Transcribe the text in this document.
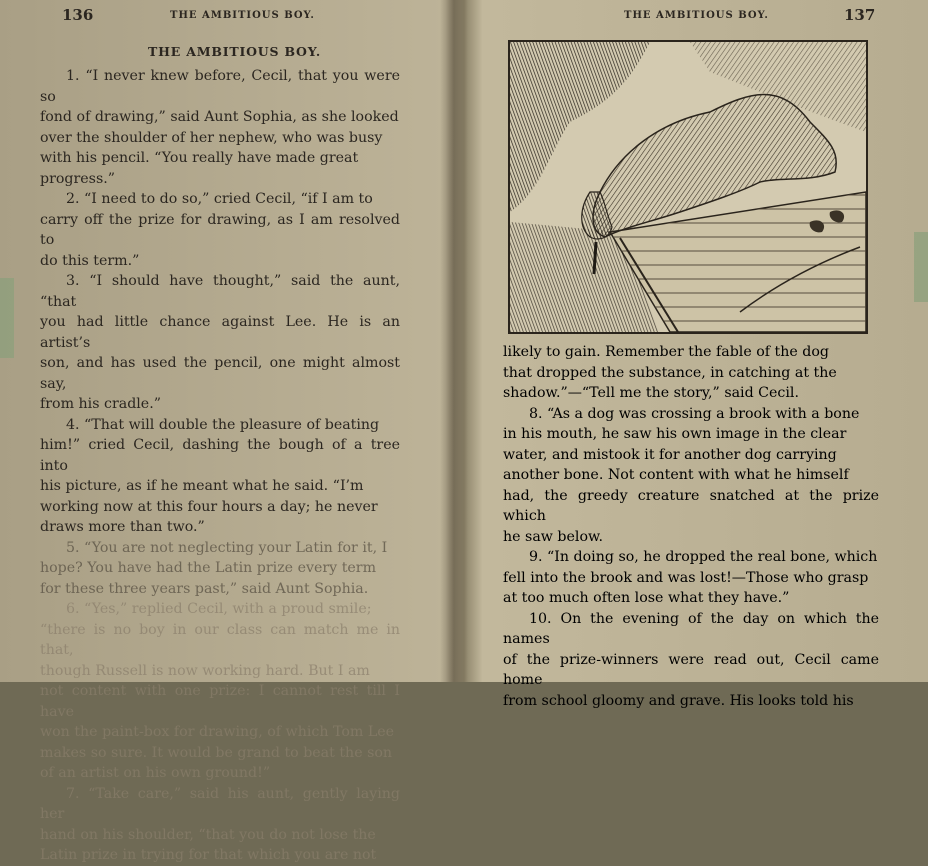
136	THE AMBITIOUS BOY.
THE AMBITIOUS BOY.

1. “I never knew before, Cecil, that you were so

fond of drawing,” said Aunt Sophia, as she looked

over the shoulder of her nephew, who was busy

with his pencil. “You really have made great

progress.”

2. “I need to do so,” cried Cecil, “if I am to

carry off the prize for drawing, as I am resolved to

do this term.”

3. “I should have thought,” said the aunt, “that

you had little chance against Lee. He is an artist’s

son, and has used the pencil, one might almost say,

from his cradle.”

4. “That will double the pleasure of beating

him!” cried Cecil, dashing the bough of a tree into

his picture, as if he meant what he said. “I’m

working now at this four hours a day; he never

draws more than two.”

5. “You are not neglecting your Latin for it, I

hope? You have had the Latin prize every term

for these three years past,” said Aunt Sophia.

6. “Yes,” replied Cecil, with a proud smile;

“there is no boy in our class can match me in that,

though Russell is now working hard. But I am

not content with one prize: I cannot rest till I have

won the paint-box for drawing, of which Tom Lee

makes so sure. It would be grand to beat the son

of an artist on his own ground!”

7. “Take care,” said his aunt, gently laying her

hand on his shoulder, “that you do not lose the

Latin prize in trying for that which you are not

THE AMBITIOUS BOY.	137

likely to gain. Remember the fable of the dog

that dropped the substance, in catching at the

shadow.”—“Tell me the story,” said Cecil.

8. “As a dog was crossing a brook with a bone

in his mouth, he saw his own image in the clear

water, and mistook it for another dog carrying

another bone. Not content with what he himself

had, the greedy creature snatched at the prize which

he saw below.

9. “In doing so, he dropped the real bone, which

fell into the brook and was lost!—Those who grasp

at too much often lose what they have.”

10. On the evening of the day on which the names

of the prize-winners were read out, Cecil came home

from school gloomy and grave. His looks told his
